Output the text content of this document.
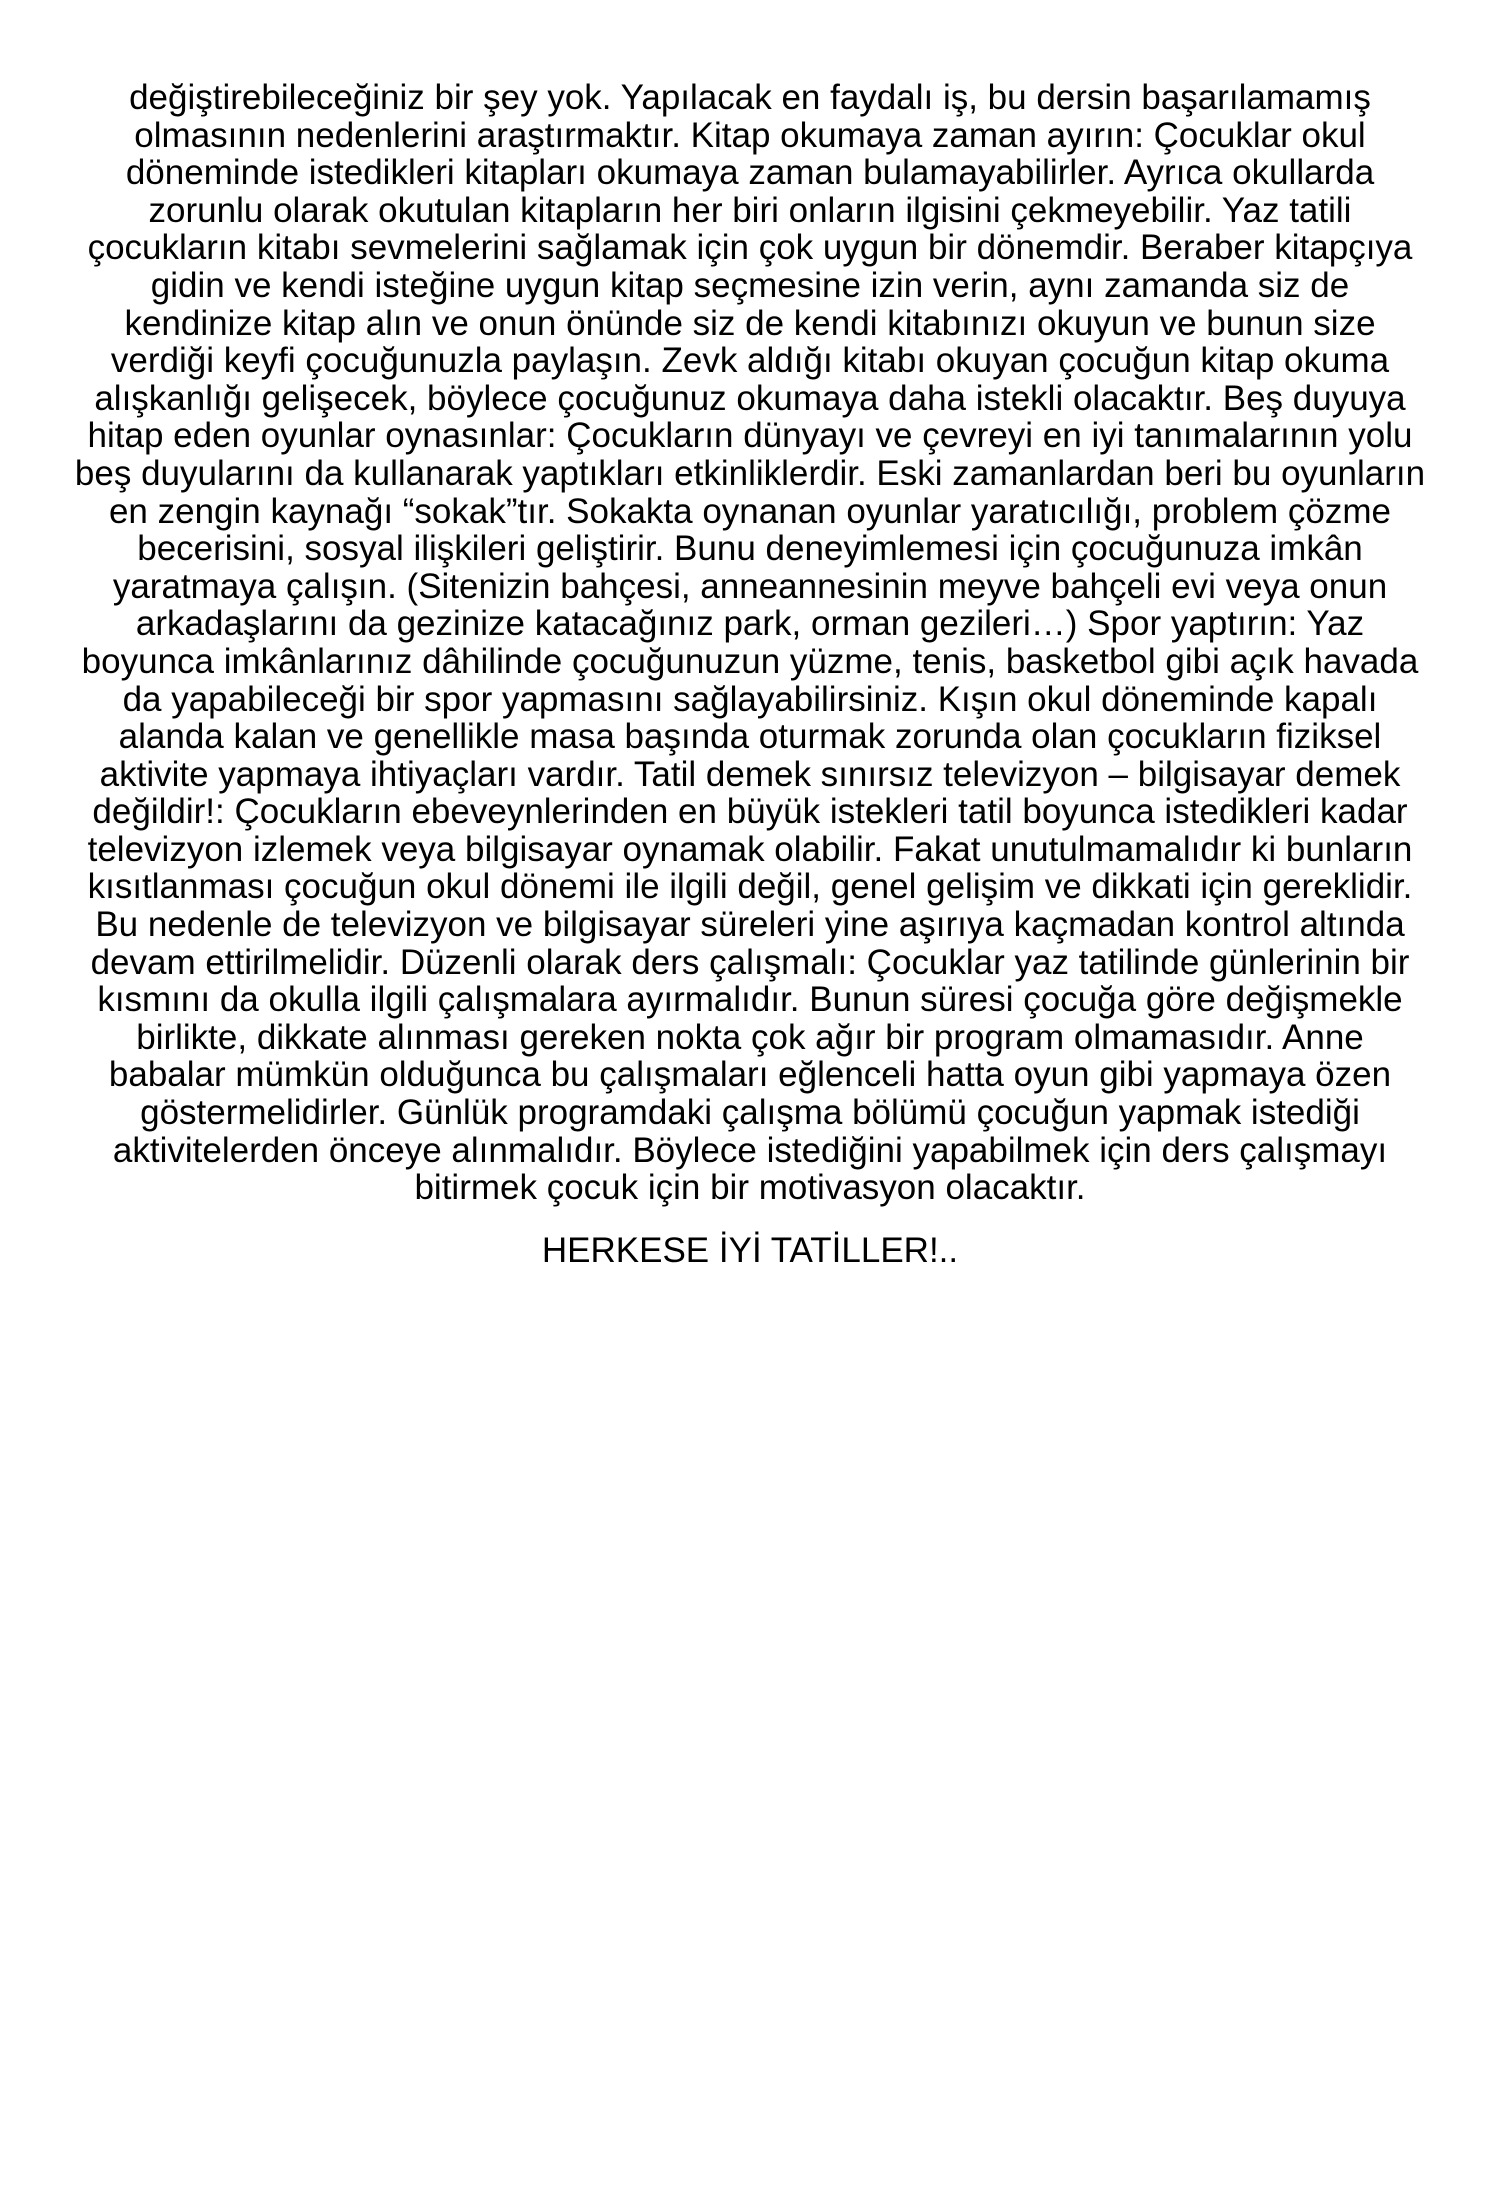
değiştirebileceğiniz bir şey yok. Yapılacak en faydalı iş, bu dersin başarılamamış
olmasının nedenlerini araştırmaktır. Kitap okumaya zaman ayırın: Çocuklar okul
döneminde istedikleri kitapları okumaya zaman bulamayabilirler. Ayrıca okullarda
zorunlu olarak okutulan kitapların her biri onların ilgisini çekmeyebilir. Yaz tatili
çocukların kitabı sevmelerini sağlamak için çok uygun bir dönemdir. Beraber kitapçıya
gidin ve kendi isteğine uygun kitap seçmesine izin verin, aynı zamanda siz de
kendinize kitap alın ve onun önünde siz de kendi kitabınızı okuyun ve bunun size
verdiği keyfi çocuğunuzla paylaşın. Zevk aldığı kitabı okuyan çocuğun kitap okuma
alışkanlığı gelişecek, böylece çocuğunuz okumaya daha istekli olacaktır. Beş duyuya
hitap eden oyunlar oynasınlar: Çocukların dünyayı ve çevreyi en iyi tanımalarının yolu
beş duyularını da kullanarak yaptıkları etkinliklerdir. Eski zamanlardan beri bu oyunların
en zengin kaynağı “sokak”tır. Sokakta oynanan oyunlar yaratıcılığı, problem çözme
becerisini, sosyal ilişkileri geliştirir. Bunu deneyimlemesi için çocuğunuza imkân
yaratmaya çalışın. (Sitenizin bahçesi, anneannesinin meyve bahçeli evi veya onun
arkadaşlarını da gezinize katacağınız park, orman gezileri…) Spor yaptırın: Yaz
boyunca imkânlarınız dâhilinde çocuğunuzun yüzme, tenis, basketbol gibi açık havada
da yapabileceği bir spor yapmasını sağlayabilirsiniz. Kışın okul döneminde kapalı
alanda kalan ve genellikle masa başında oturmak zorunda olan çocukların fiziksel
aktivite yapmaya ihtiyaçları vardır. Tatil demek sınırsız televizyon – bilgisayar demek
değildir!: Çocukların ebeveynlerinden en büyük istekleri tatil boyunca istedikleri kadar
televizyon izlemek veya bilgisayar oynamak olabilir. Fakat unutulmamalıdır ki bunların
kısıtlanması çocuğun okul dönemi ile ilgili değil, genel gelişim ve dikkati için gereklidir.
Bu nedenle de televizyon ve bilgisayar süreleri yine aşırıya kaçmadan kontrol altında
devam ettirilmelidir. Düzenli olarak ders çalışmalı: Çocuklar yaz tatilinde günlerinin bir
kısmını da okulla ilgili çalışmalara ayırmalıdır. Bunun süresi çocuğa göre değişmekle
birlikte, dikkate alınması gereken nokta çok ağır bir program olmamasıdır. Anne
babalar mümkün olduğunca bu çalışmaları eğlenceli hatta oyun gibi yapmaya özen
göstermelidirler. Günlük programdaki çalışma bölümü çocuğun yapmak istediği
aktivitelerden önceye alınmalıdır. Böylece istediğini yapabilmek için ders çalışmayı
bitirmek çocuk için bir motivasyon olacaktır.
HERKESE İYİ TATİLLER!..
